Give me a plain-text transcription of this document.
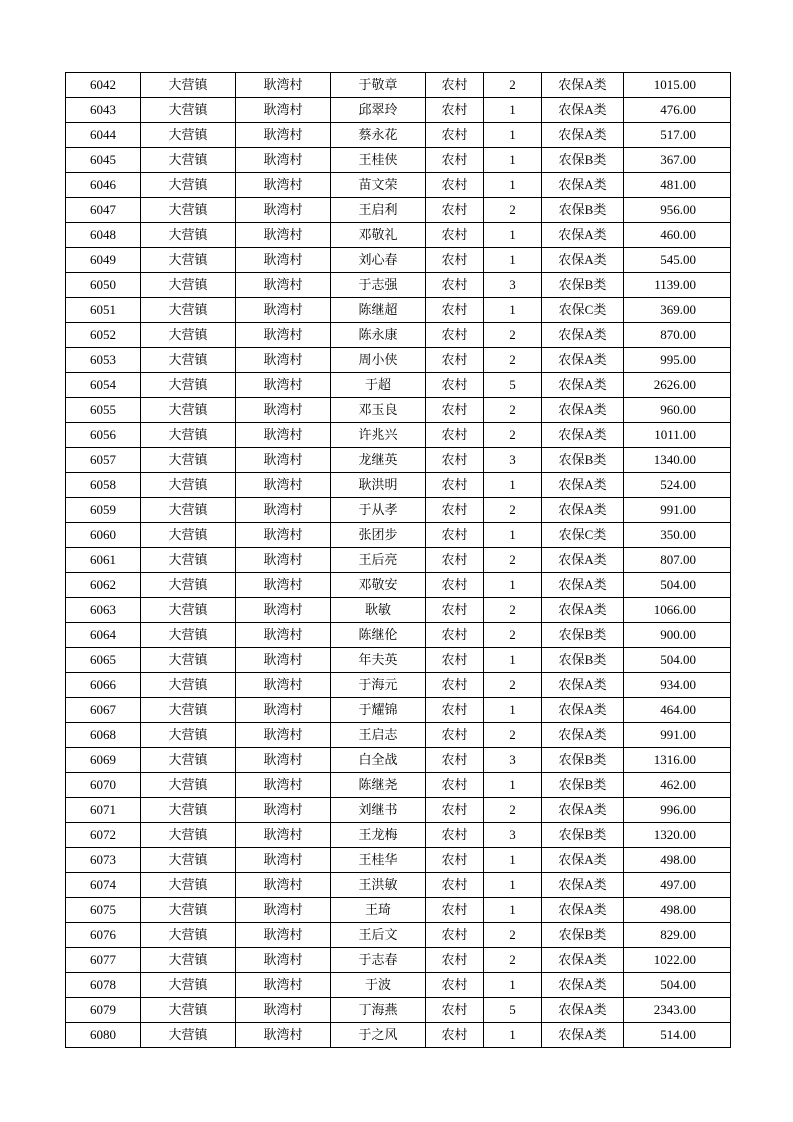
6042	大营镇	耿湾村	于敬章	农村	2	农保A类	1015.00
6043	大营镇	耿湾村	邱翠玲	农村	1	农保A类	476.00
6044	大营镇	耿湾村	蔡永花	农村	1	农保A类	517.00
6045	大营镇	耿湾村	王桂侠	农村	1	农保B类	367.00
6046	大营镇	耿湾村	苗文荣	农村	1	农保A类	481.00
6047	大营镇	耿湾村	王启利	农村	2	农保B类	956.00
6048	大营镇	耿湾村	邓敬礼	农村	1	农保A类	460.00
6049	大营镇	耿湾村	刘心春	农村	1	农保A类	545.00
6050	大营镇	耿湾村	于志强	农村	3	农保B类	1139.00
6051	大营镇	耿湾村	陈继超	农村	1	农保C类	369.00
6052	大营镇	耿湾村	陈永康	农村	2	农保A类	870.00
6053	大营镇	耿湾村	周小侠	农村	2	农保A类	995.00
6054	大营镇	耿湾村	于超	农村	5	农保A类	2626.00
6055	大营镇	耿湾村	邓玉良	农村	2	农保A类	960.00
6056	大营镇	耿湾村	许兆兴	农村	2	农保A类	1011.00
6057	大营镇	耿湾村	龙继英	农村	3	农保B类	1340.00
6058	大营镇	耿湾村	耿洪明	农村	1	农保A类	524.00
6059	大营镇	耿湾村	于从孝	农村	2	农保A类	991.00
6060	大营镇	耿湾村	张团步	农村	1	农保C类	350.00
6061	大营镇	耿湾村	王后亮	农村	2	农保A类	807.00
6062	大营镇	耿湾村	邓敬安	农村	1	农保A类	504.00
6063	大营镇	耿湾村	耿敏	农村	2	农保A类	1066.00
6064	大营镇	耿湾村	陈继伦	农村	2	农保B类	900.00
6065	大营镇	耿湾村	年夫英	农村	1	农保B类	504.00
6066	大营镇	耿湾村	于海元	农村	2	农保A类	934.00
6067	大营镇	耿湾村	于耀锦	农村	1	农保A类	464.00
6068	大营镇	耿湾村	王启志	农村	2	农保A类	991.00
6069	大营镇	耿湾村	白全战	农村	3	农保B类	1316.00
6070	大营镇	耿湾村	陈继尧	农村	1	农保B类	462.00
6071	大营镇	耿湾村	刘继书	农村	2	农保A类	996.00
6072	大营镇	耿湾村	王龙梅	农村	3	农保B类	1320.00
6073	大营镇	耿湾村	王桂华	农村	1	农保A类	498.00
6074	大营镇	耿湾村	王洪敏	农村	1	农保A类	497.00
6075	大营镇	耿湾村	王琦	农村	1	农保A类	498.00
6076	大营镇	耿湾村	王后文	农村	2	农保B类	829.00
6077	大营镇	耿湾村	于志春	农村	2	农保A类	1022.00
6078	大营镇	耿湾村	于波	农村	1	农保A类	504.00
6079	大营镇	耿湾村	丁海燕	农村	5	农保A类	2343.00
6080	大营镇	耿湾村	于之风	农村	1	农保A类	514.00
